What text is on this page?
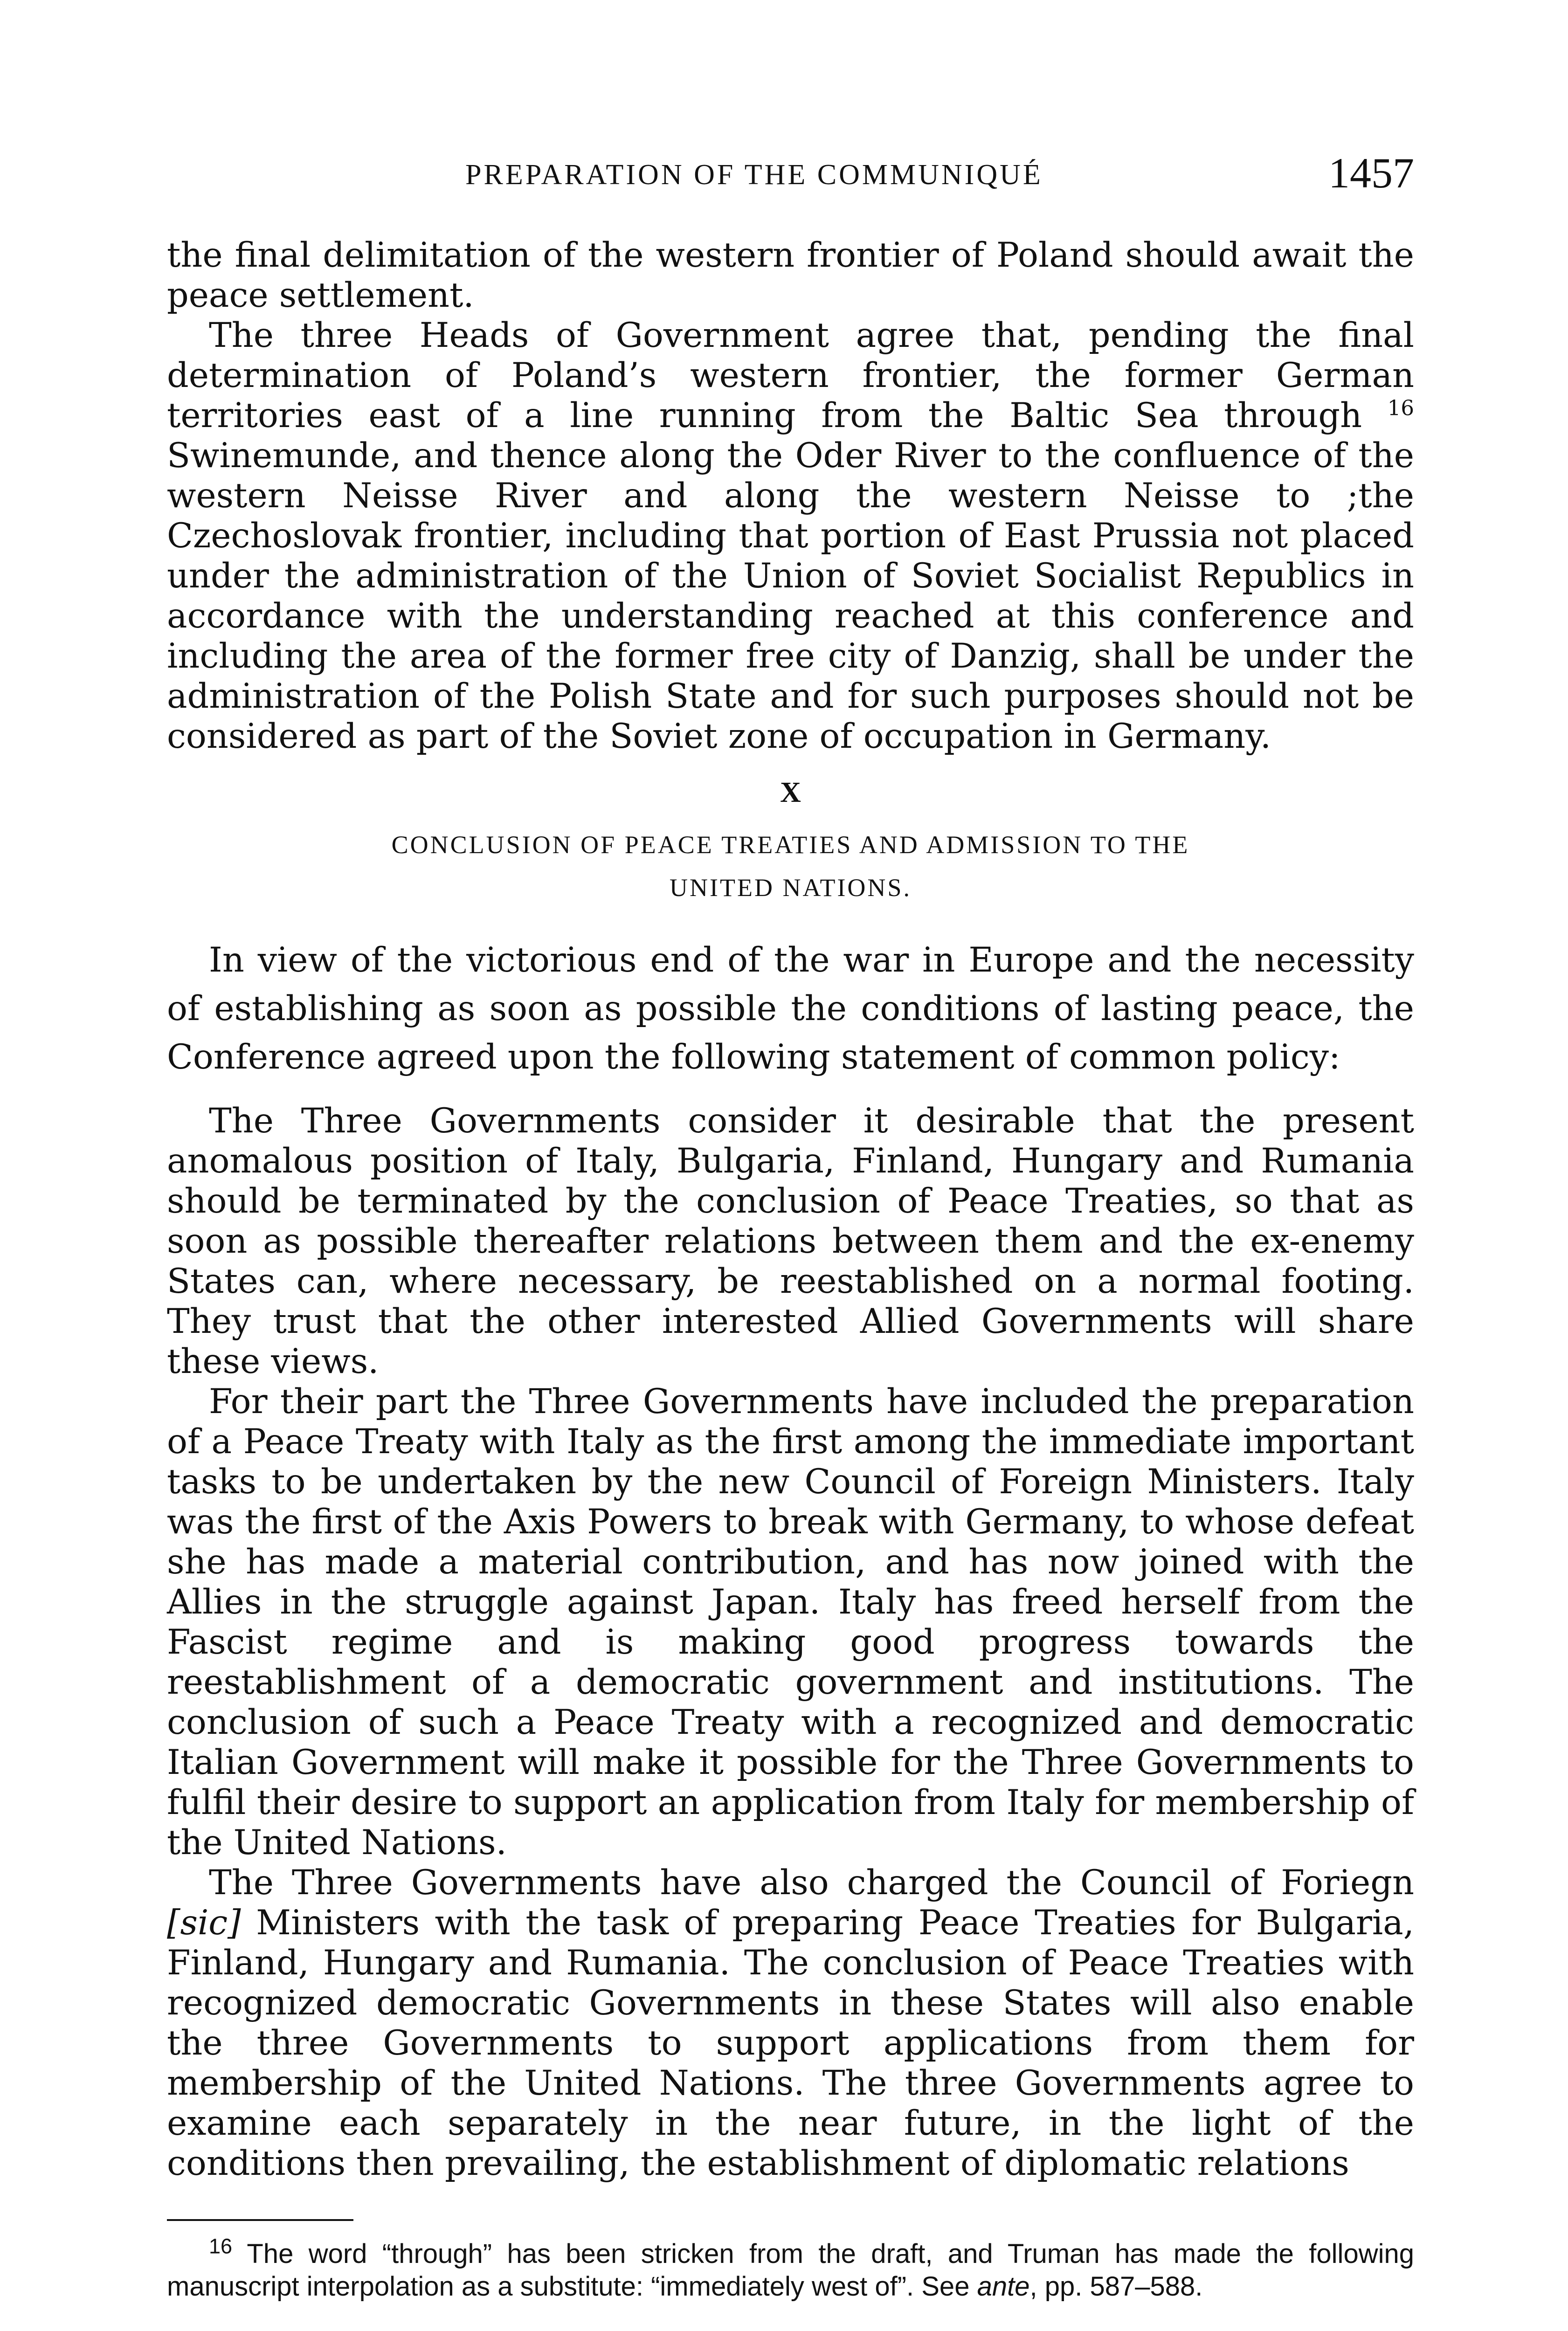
PREPARATION OF THE COMMUNIQUÉ	1457

the final delimitation of the western frontier of Poland should await the peace settlement.

The three Heads of Government agree that, pending the final determination of Poland’s western frontier, the former German territories east of a line running from the Baltic Sea through $^{16}$ Swinemunde, and thence along the Oder River to the confluence of the western Neisse River and along the western Neisse to ;the Czechoslovak frontier, including that portion of East Prussia not placed under the administration of the Union of Soviet Socialist Republics in accordance with the understanding reached at this conference and including the area of the former free city of Danzig, shall be under the administration of the Polish State and for such purposes should not be considered as part of the Soviet zone of occupation in Germany.

X

CONCLUSION OF PEACE TREATIES AND ADMISSION TO THE

UNITED NATIONS.

In view of the victorious end of the war in Europe and the necessity of establishing as soon as possible the conditions of lasting peace, the Conference agreed upon the following statement of common policy:

The Three Governments consider it desirable that the present anomalous position of Italy, Bulgaria, Finland, Hungary and Rumania should be terminated by the conclusion of Peace Treaties, so that as soon as possible thereafter relations between them and the ex-enemy States can, where necessary, be reestablished on a normal footing. They trust that the other interested Allied Governments will share these views.

For their part the Three Governments have included the preparation of a Peace Treaty with Italy as the first among the immediate important tasks to be undertaken by the new Council of Foreign Ministers. Italy was the first of the Axis Powers to break with Germany, to whose defeat she has made a material contribution, and has now joined with the Allies in the struggle against Japan. Italy has freed herself from the Fascist regime and is making good progress towards the reestablishment of a democratic government and institutions. The conclusion of such a Peace Treaty with a recognized and democratic Italian Government will make it possible for the Three Governments to fulfil their desire to support an application from Italy for membership of the United Nations.

The Three Governments have also charged the Council of Foriegn [sic] Ministers with the task of preparing Peace Treaties for Bulgaria, Finland, Hungary and Rumania. The conclusion of Peace Treaties with recognized democratic Governments in these States will also enable the three Governments to support applications from them for membership of the United Nations. The three Governments agree to examine each separately in the near future, in the light of the conditions then prevailing, the establishment of diplomatic relations

$^{16}$ The word “through” has been stricken from the draft, and Truman has made the following manuscript interpolation as a substitute: “immediately west of”. See ante, pp. 587–588.
